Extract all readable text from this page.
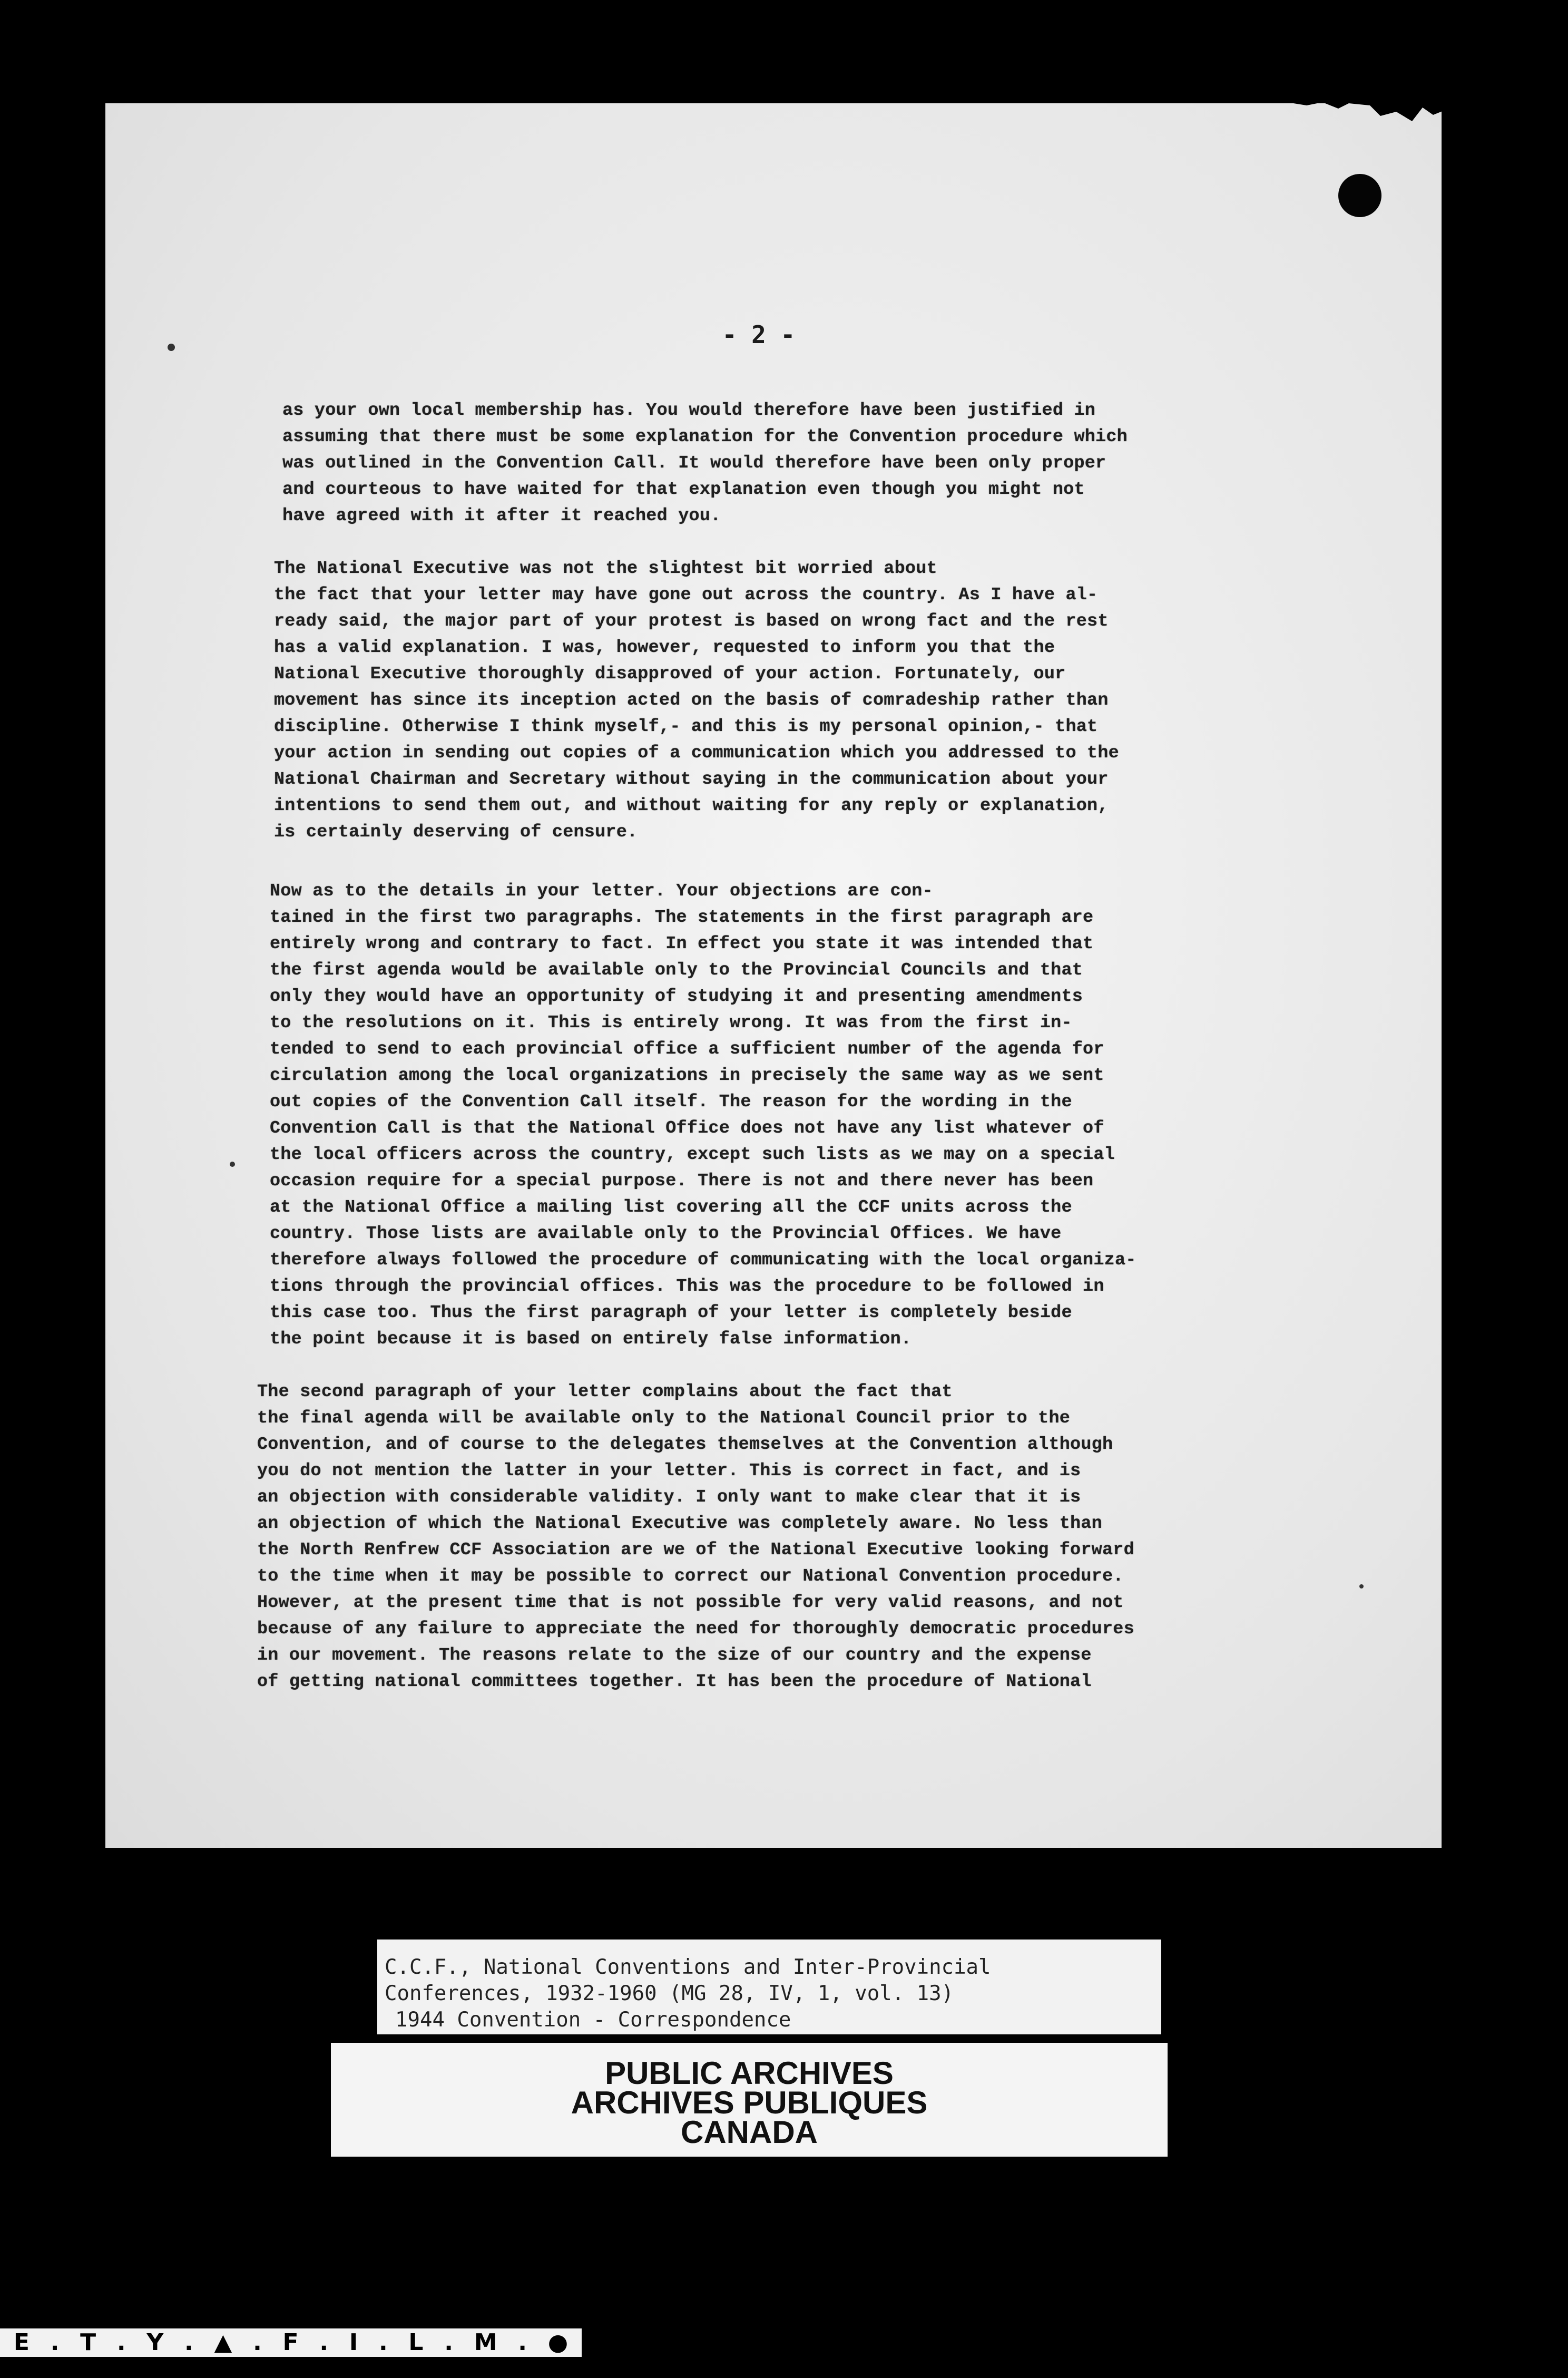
- 2 -
as your own local membership has. You would therefore have been justified in
assuming that there must be some explanation for the Convention procedure which
was outlined in the Convention Call. It would therefore have been only proper
and courteous to have waited for that explanation even though you might not
have agreed with it after it reached you.
The National Executive was not the slightest bit worried about
the fact that your letter may have gone out across the country. As I have al-
ready said, the major part of your protest is based on wrong fact and the rest
has a valid explanation. I was, however, requested to inform you that the
National Executive thoroughly disapproved of your action. Fortunately, our
movement has since its inception acted on the basis of comradeship rather than
discipline. Otherwise I think myself,- and this is my personal opinion,- that
your action in sending out copies of a communication which you addressed to the
National Chairman and Secretary without saying in the communication about your
intentions to send them out, and without waiting for any reply or explanation,
is certainly deserving of censure.
Now as to the details in your letter. Your objections are con-
tained in the first two paragraphs. The statements in the first paragraph are
entirely wrong and contrary to fact. In effect you state it was intended that
the first agenda would be available only to the Provincial Councils and that
only they would have an opportunity of studying it and presenting amendments
to the resolutions on it. This is entirely wrong. It was from the first in-
tended to send to each provincial office a sufficient number of the agenda for
circulation among the local organizations in precisely the same way as we sent
out copies of the Convention Call itself. The reason for the wording in the
Convention Call is that the National Office does not have any list whatever of
the local officers across the country, except such lists as we may on a special
occasion require for a special purpose. There is not and there never has been
at the National Office a mailing list covering all the CCF units across the
country. Those lists are available only to the Provincial Offices. We have
therefore always followed the procedure of communicating with the local organiza-
tions through the provincial offices. This was the procedure to be followed in
this case too. Thus the first paragraph of your letter is completely beside
the point because it is based on entirely false information.
The second paragraph of your letter complains about the fact that
the final agenda will be available only to the National Council prior to the
Convention, and of course to the delegates themselves at the Convention although
you do not mention the latter in your letter. This is correct in fact, and is
an objection with considerable validity. I only want to make clear that it is
an objection of which the National Executive was completely aware. No less than
the North Renfrew CCF Association are we of the National Executive looking forward
to the time when it may be possible to correct our National Convention procedure.
However, at the present time that is not possible for very valid reasons, and not
because of any failure to appreciate the need for thoroughly democratic procedures
in our movement. The reasons relate to the size of our country and the expense
of getting national committees together. It has been the procedure of National
C.C.F., National Conventions and Inter-Provincial
Conferences, 1932-1960 (MG 28, IV, 1, vol. 13)
1944 Convention - Correspondence
PUBLIC ARCHIVES
ARCHIVES PUBLIQUES
CANADA
E . T . Y . ▲ . F . I . L . M . ●
